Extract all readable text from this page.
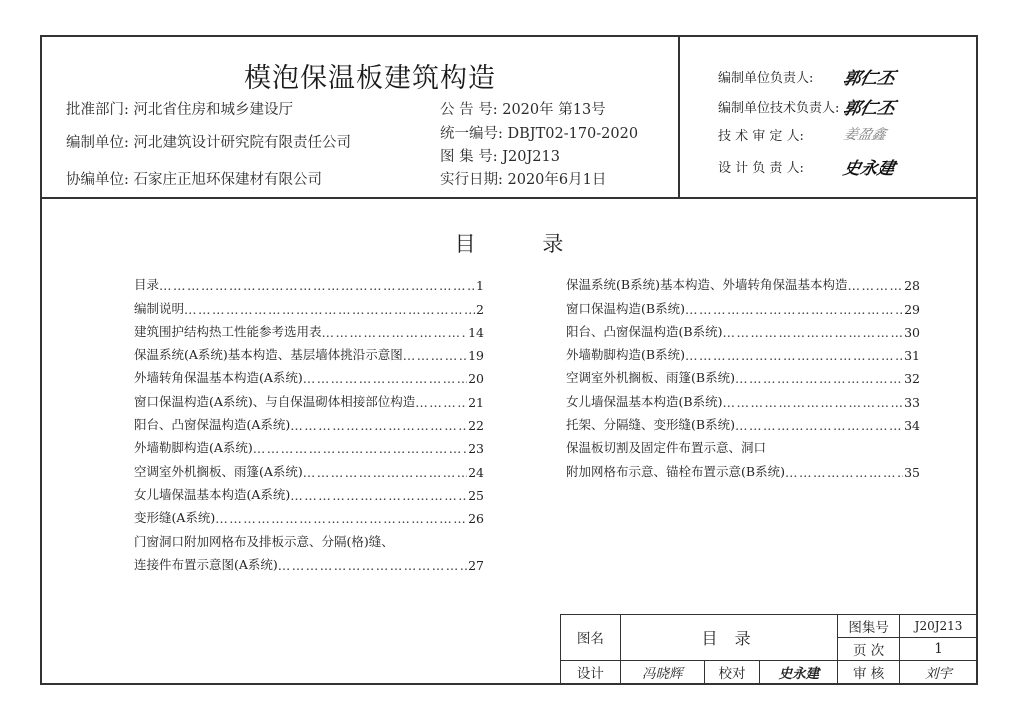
模泡保温板建筑构造
批准部门: 河北省住房和城乡建设厅
编制单位: 河北建筑设计研究院有限责任公司
协编单位: 石家庄正旭环保建材有限公司
公 告 号: 2020年 第13号
统一编号: DBJT02-170-2020
图 集 号: J20J213
实行日期: 2020年6月1日
编制单位负责人:	郭仁丕
编制单位技术负责人: 郭仁丕
技 术 审 定 人:	姜盈鑫
设 计 负 责 人:	史永建
目 录
目录 ……………………………………………………………………………………………………………………………………………………………………	1
编制说明 ……………………………………………………………………………………………………………………………………………………………………	2
建筑围护结构热工性能参考选用表 ……………………………………………………………………………………………………………………………………………………………………	14
保温系统(A系统)基本构造、基层墙体挑沿示意图 ……………………………………………………………………………………………………………………………………………………………………	19
外墙转角保温基本构造(A系统) ……………………………………………………………………………………………………………………………………………………………………	20
窗口保温构造(A系统)、与自保温砌体相接部位构造 ……………………………………………………………………………………………………………………………………………………………………	21
阳台、凸窗保温构造(A系统) ……………………………………………………………………………………………………………………………………………………………………	22
外墙勒脚构造(A系统) ……………………………………………………………………………………………………………………………………………………………………	23
空调室外机搁板、雨篷(A系统) ……………………………………………………………………………………………………………………………………………………………………	24
女儿墙保温基本构造(A系统) ……………………………………………………………………………………………………………………………………………………………………	25
变形缝(A系统) ……………………………………………………………………………………………………………………………………………………………………	26
门窗洞口附加网格布及排板示意、分隔(格)缝、
连接件布置示意图(A系统) ……………………………………………………………………………………………………………………………………………………………………	27
保温系统(B系统)基本构造、外墙转角保温基本构造 ……………………………………………………………………………………………………………………………………………………………………	28
窗口保温构造(B系统) ……………………………………………………………………………………………………………………………………………………………………	29
阳台、凸窗保温构造(B系统) ……………………………………………………………………………………………………………………………………………………………………	30
外墙勒脚构造(B系统) ……………………………………………………………………………………………………………………………………………………………………	31
空调室外机搁板、雨篷(B系统) ……………………………………………………………………………………………………………………………………………………………………	32
女儿墙保温基本构造(B系统) ……………………………………………………………………………………………………………………………………………………………………	33
托架、分隔缝、变形缝(B系统) ……………………………………………………………………………………………………………………………………………………………………	34
保温板切割及固定件布置示意、洞口
附加网格布示意、锚栓布置示意(B系统) ……………………………………………………………………………………………………………………………………………………………………	35
图名	目 录			图集号	J20J213
				页 次	1
设计	冯晓辉	校对	史永建	审 核	刘宇
